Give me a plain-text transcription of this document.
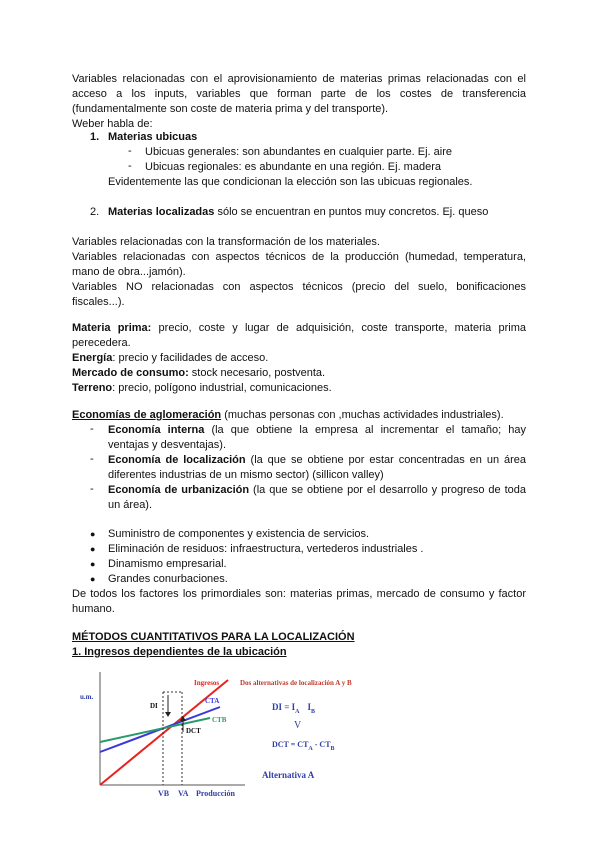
Variables relacionadas con el aprovisionamiento de materias primas relacionadas con el
acceso a los inputs, variables que forman parte de los costes de transferencia
(fundamentalmente son coste de materia prima y del transporte).
Weber habla de:
1. Materias ubicuas
- Ubicuas generales: son abundantes en cualquier parte. Ej. aire
- Ubicuas regionales: es abundante en una región. Ej. madera
Evidentemente las que condicionan la elección son las ubicuas regionales.
2. Materias localizadas sólo se encuentran en puntos muy concretos. Ej. queso
Variables relacionadas con la transformación de los materiales.
Variables relacionadas con aspectos técnicos de la producción (humedad, temperatura,
mano de obra...jamón).
Variables NO relacionadas con aspectos técnicos (precio del suelo, bonificaciones
fiscales...).
Materia prima: precio, coste y lugar de adquisición, coste transporte, materia prima
perecedera.
Energía: precio y facilidades de acceso.
Mercado de consumo: stock necesario, postventa.
Terreno: precio, polígono industrial, comunicaciones.
Economías de aglomeración (muchas personas con ,muchas actividades industriales).
- Economía interna (la que obtiene la empresa al incrementar el tamaño; hay
ventajas y desventajas).
- Economía de localización (la que se obtiene por estar concentradas en un área
diferentes industrias de un mismo sector) (sillicon valley)
- Economía de urbanización (la que se obtiene por el desarrollo y progreso de toda
un área).
● Suministro de componentes y existencia de servicios.
● Eliminación de residuos: infraestructura, vertederos industriales .
● Dinamismo empresarial.
● Grandes conurbaciones.
De todos los factores los primordiales son: materias primas, mercado de consumo y factor
humano.
MÉTODOS CUANTITATIVOS PARA LA LOCALIZACIÓN
1. Ingresos dependientes de la ubicación
u.m.
Ingresos
CTA
CTB
Dos alternativas de localización A y B
DI
DCT
VB VA Producción
DI = $I_A$ $I_B$
V
DCT = $CT_A - CT_B$
Alternativa A
